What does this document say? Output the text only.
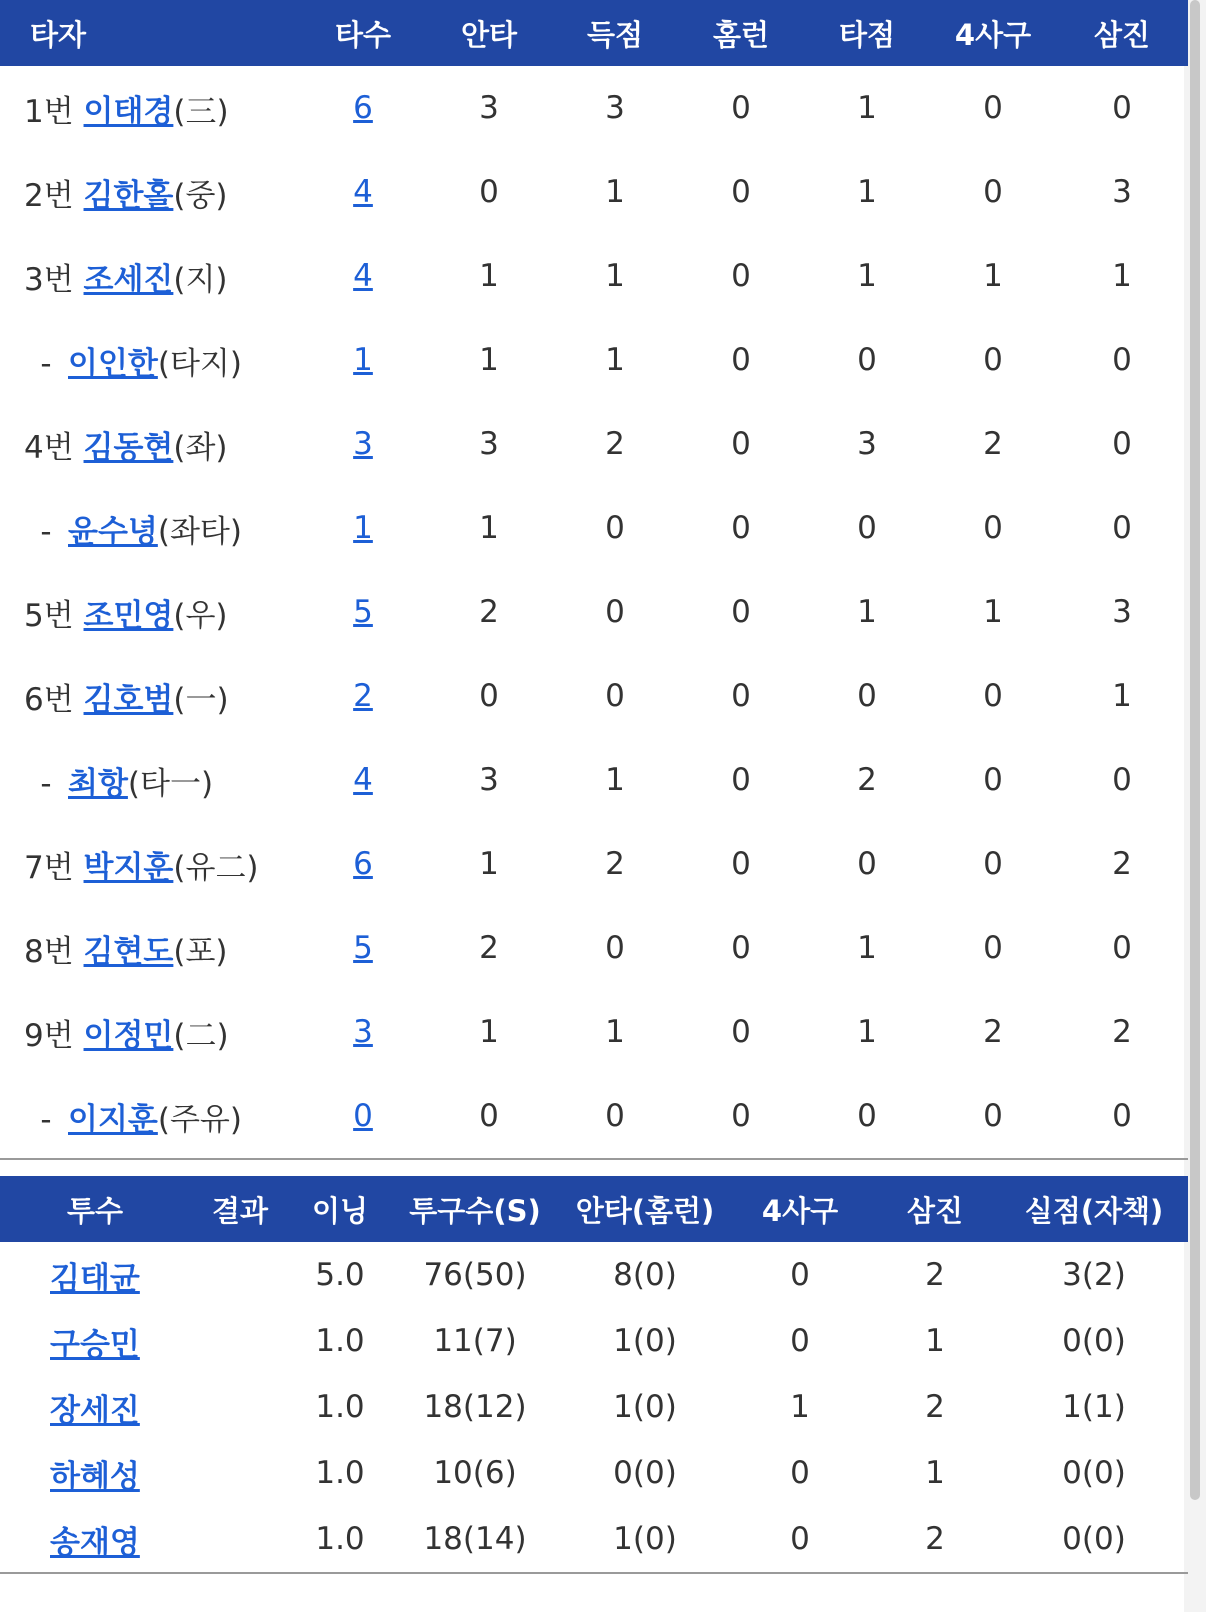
타자	타수	안타	득점	홈런	타점	4사구	삼진
1번 이태경(三)	6	3	3	0	1	0	0
2번 김한홀(중)	4	0	1	0	1	0	3
3번 조세진(지)	4	1	1	0	1	1	1
- 이인한(타지)	1	1	1	0	0	0	0
4번 김동현(좌)	3	3	2	0	3	2	0
- 윤수녕(좌타)	1	1	0	0	0	0	0
5번 조민영(우)	5	2	0	0	1	1	3
6번 김호범(一)	2	0	0	0	0	0	1
- 최항(타一)	4	3	1	0	2	0	0
7번 박지훈(유二)	6	1	2	0	0	0	2
8번 김현도(포)	5	2	0	0	1	0	0
9번 이정민(二)	3	1	1	0	1	2	2
- 이지훈(주유)	0	0	0	0	0	0	0
투수	결과	이닝	투구수(S)	안타(홈런)	4사구	삼진	실점(자책)
김태균		5.0	76(50)	8(0)	0	2	3(2)
구승민		1.0	11(7)	1(0)	0	1	0(0)
장세진		1.0	18(12)	1(0)	1	2	1(1)
하혜성		1.0	10(6)	0(0)	0	1	0(0)
송재영		1.0	18(14)	1(0)	0	2	0(0)
